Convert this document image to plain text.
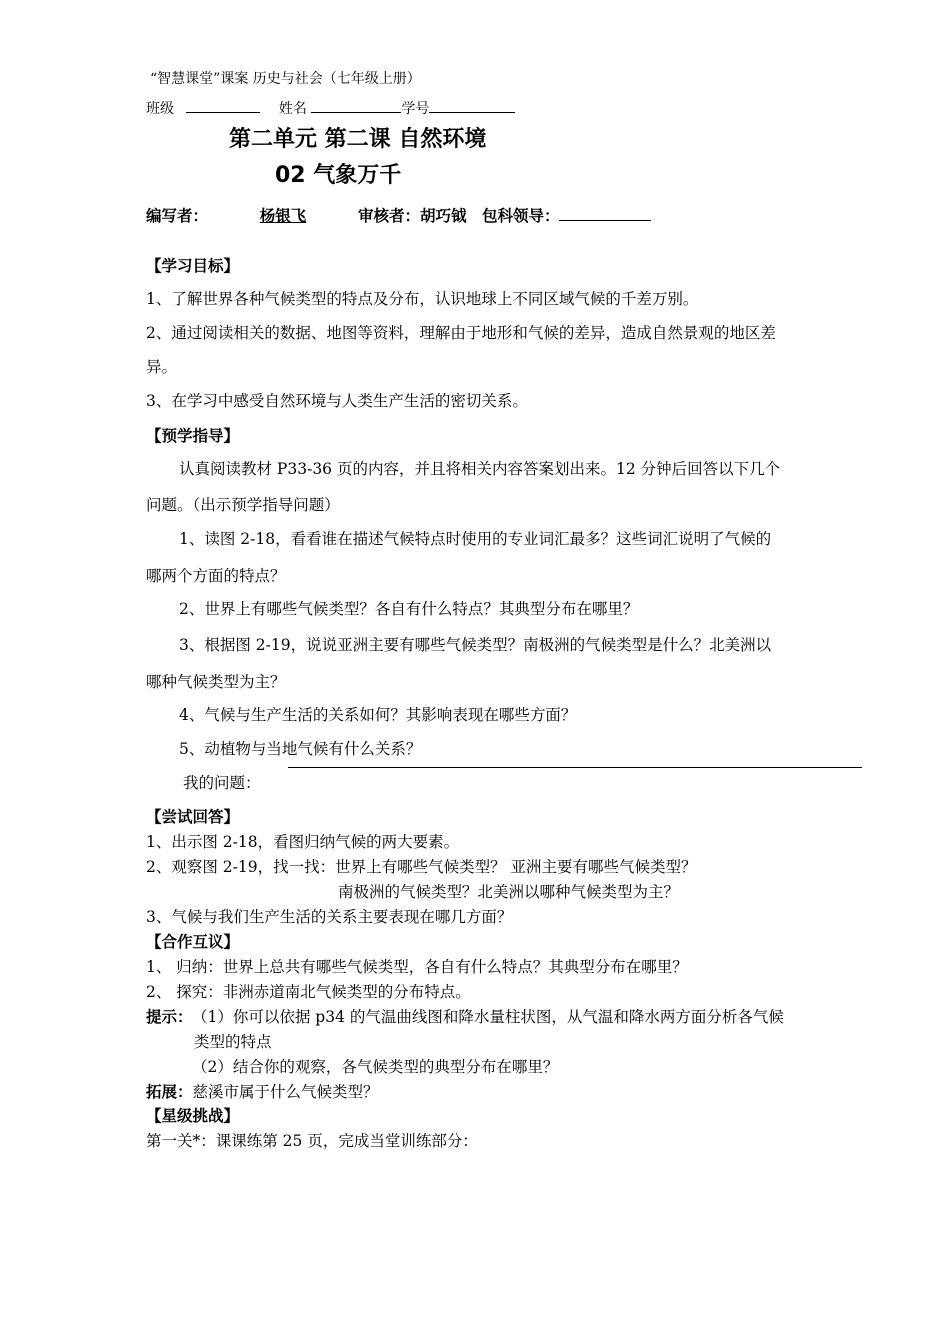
“智慧课堂”课案 历史与社会（七年级上册）
班级	姓名	学号
第二单元 第二课 自然环境
02 气象万千
编写者：	杨银飞	审核者：胡巧钺 包科领导：
【学习目标】
1、了解世界各种气候类型的特点及分布，认识地球上不同区域气候的千差万别。
2、通过阅读相关的数据、地图等资料，理解由于地形和气候的差异，造成自然景观的地区差
异。
3、在学习中感受自然环境与人类生产生活的密切关系。
【预学指导】
认真阅读教材 P33-36 页的内容，并且将相关内容答案划出来。12 分钟后回答以下几个
问题。（出示预学指导问题）
1、读图 2-18，看看谁在描述气候特点时使用的专业词汇最多？这些词汇说明了气候的
哪两个方面的特点？
2、世界上有哪些气候类型？各自有什么特点？其典型分布在哪里？
3、根据图 2-19，说说亚洲主要有哪些气候类型？南极洲的气候类型是什么？北美洲以
哪种气候类型为主？
4、气候与生产生活的关系如何？其影响表现在哪些方面？
5、动植物与当地气候有什么关系？
我的问题：
【尝试回答】
1、出示图 2-18，看图归纳气候的两大要素。
2、观察图 2-19，找一找：世界上有哪些气候类型？ 亚洲主要有哪些气候类型？
南极洲的气候类型？北美洲以哪种气候类型为主？
3、气候与我们生产生活的关系主要表现在哪几方面？
【合作互议】
1、 归纳：世界上总共有哪些气候类型，各自有什么特点？其典型分布在哪里？
2、 探究：非洲赤道南北气候类型的分布特点。
提示： （1）你可以依据 p34 的气温曲线图和降水量柱状图，从气温和降水两方面分析各气候
类型的特点
（2）结合你的观察，各气候类型的典型分布在哪里？
拓展：慈溪市属于什么气候类型？
【星级挑战】
第一关*：课课练第 25 页，完成当堂训练部分：
